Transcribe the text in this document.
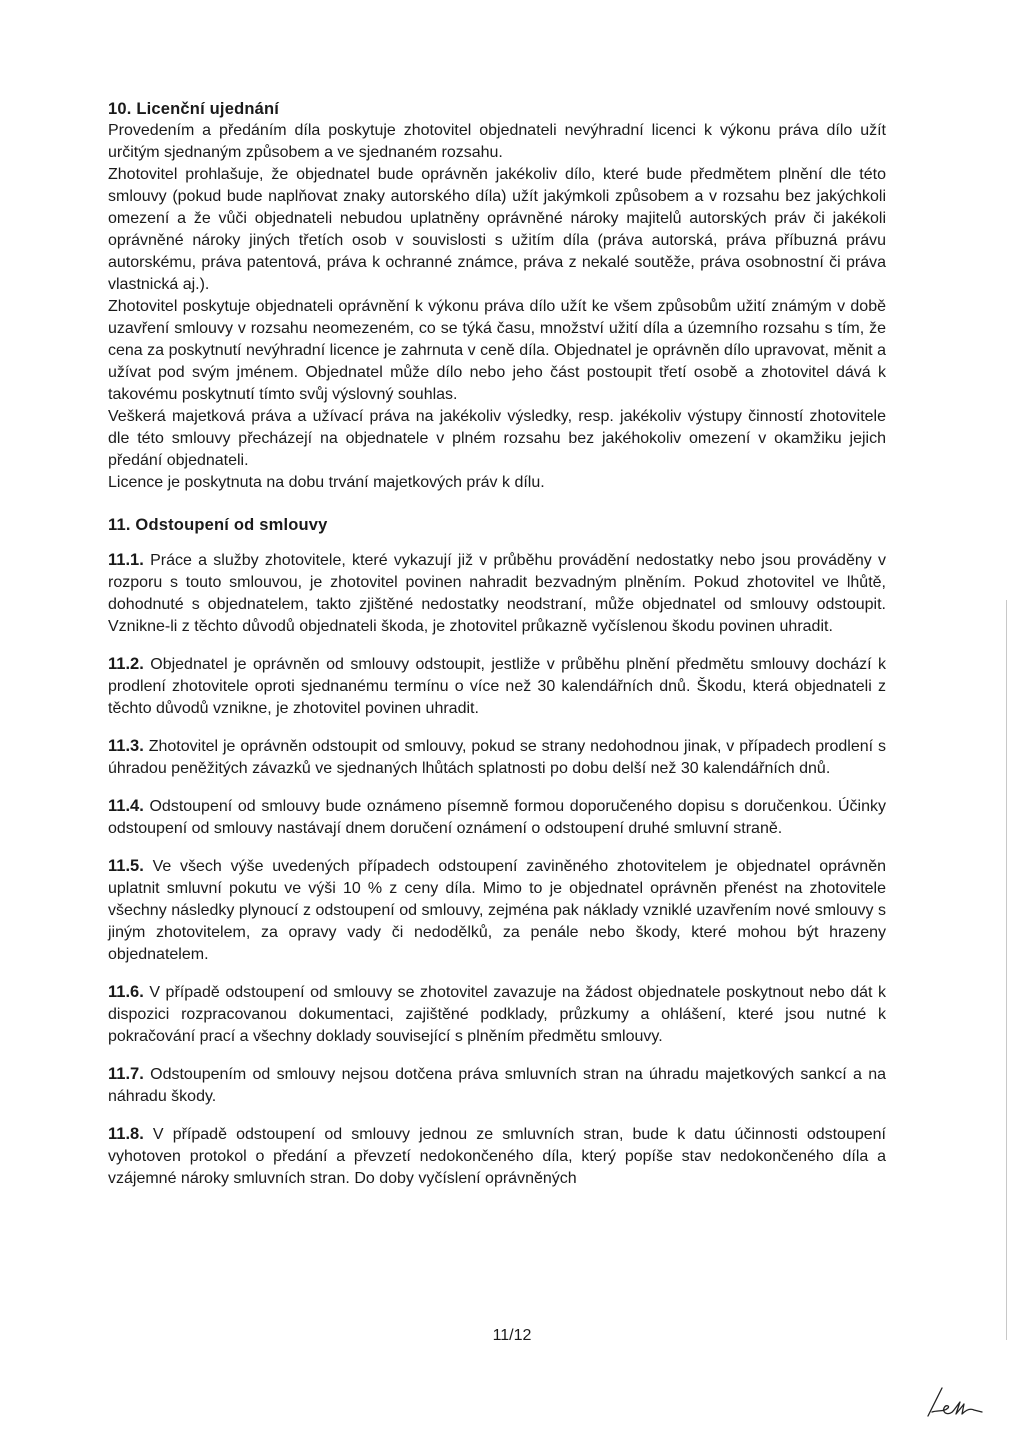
10. Licenční ujednání

Provedením a předáním díla poskytuje zhotovitel objednateli nevýhradní licenci k výkonu práva dílo užít určitým sjednaným způsobem a ve sjednaném rozsahu.

Zhotovitel prohlašuje, že objednatel bude oprávněn jakékoliv dílo, které bude předmětem plnění dle této smlouvy (pokud bude naplňovat znaky autorského díla) užít jakýmkoli způsobem a v rozsahu bez jakýchkoli omezení a že vůči objednateli nebudou uplatněny oprávněné nároky majitelů autorských práv či jakékoli oprávněné nároky jiných třetích osob v souvislosti s užitím díla (práva autorská, práva příbuzná právu autorskému, práva patentová, práva k ochranné známce, práva z nekalé soutěže, práva osobnostní či práva vlastnická aj.).

Zhotovitel poskytuje objednateli oprávnění k výkonu práva dílo užít ke všem způsobům užití známým v době uzavření smlouvy v rozsahu neomezeném, co se týká času, množství užití díla a územního rozsahu s tím, že cena za poskytnutí nevýhradní licence je zahrnuta v ceně díla. Objednatel je oprávněn dílo upravovat, měnit a užívat pod svým jménem. Objednatel může dílo nebo jeho část postoupit třetí osobě a zhotovitel dává k takovému poskytnutí tímto svůj výslovný souhlas.

Veškerá majetková práva a užívací práva na jakékoliv výsledky, resp. jakékoliv výstupy činností zhotovitele dle této smlouvy přecházejí na objednatele v plném rozsahu bez jakéhokoliv omezení v okamžiku jejich předání objednateli.

Licence je poskytnuta na dobu trvání majetkových práv k dílu.

11. Odstoupení od smlouvy

11.1. Práce a služby zhotovitele, které vykazují již v průběhu provádění nedostatky nebo jsou prováděny v rozporu s touto smlouvou, je zhotovitel povinen nahradit bezvadným plněním. Pokud zhotovitel ve lhůtě, dohodnuté s objednatelem, takto zjištěné nedostatky neodstraní, může objednatel od smlouvy odstoupit. Vznikne-li z těchto důvodů objednateli škoda, je zhotovitel průkazně vyčíslenou škodu povinen uhradit.

11.2. Objednatel je oprávněn od smlouvy odstoupit, jestliže v průběhu plnění předmětu smlouvy dochází k prodlení zhotovitele oproti sjednanému termínu o více než 30 kalendářních dnů. Škodu, která objednateli z těchto důvodů vznikne, je zhotovitel povinen uhradit.

11.3. Zhotovitel je oprávněn odstoupit od smlouvy, pokud se strany nedohodnou jinak, v případech prodlení s úhradou peněžitých závazků ve sjednaných lhůtách splatnosti po dobu delší než 30 kalendářních dnů.

11.4. Odstoupení od smlouvy bude oznámeno písemně formou doporučeného dopisu s doručenkou. Účinky odstoupení od smlouvy nastávají dnem doručení oznámení o odstoupení druhé smluvní straně.

11.5. Ve všech výše uvedených případech odstoupení zaviněného zhotovitelem je objednatel oprávněn uplatnit smluvní pokutu ve výši 10 % z ceny díla. Mimo to je objednatel oprávněn přenést na zhotovitele všechny následky plynoucí z odstoupení od smlouvy, zejména pak náklady vzniklé uzavřením nové smlouvy s jiným zhotovitelem, za opravy vady či nedodělků, za penále nebo škody, které mohou být hrazeny objednatelem.

11.6. V případě odstoupení od smlouvy se zhotovitel zavazuje na žádost objednatele poskytnout nebo dát k dispozici rozpracovanou dokumentaci, zajištěné podklady, průzkumy a ohlášení, které jsou nutné k pokračování prací a všechny doklady související s plněním předmětu smlouvy.

11.7. Odstoupením od smlouvy nejsou dotčena práva smluvních stran na úhradu majetkových sankcí a na náhradu škody.

11.8. V případě odstoupení od smlouvy jednou ze smluvních stran, bude k datu účinnosti odstoupení vyhotoven protokol o předání a převzetí nedokončeného díla, který popíše stav nedokončeného díla a vzájemné nároky smluvních stran. Do doby vyčíslení oprávněných

11/12
